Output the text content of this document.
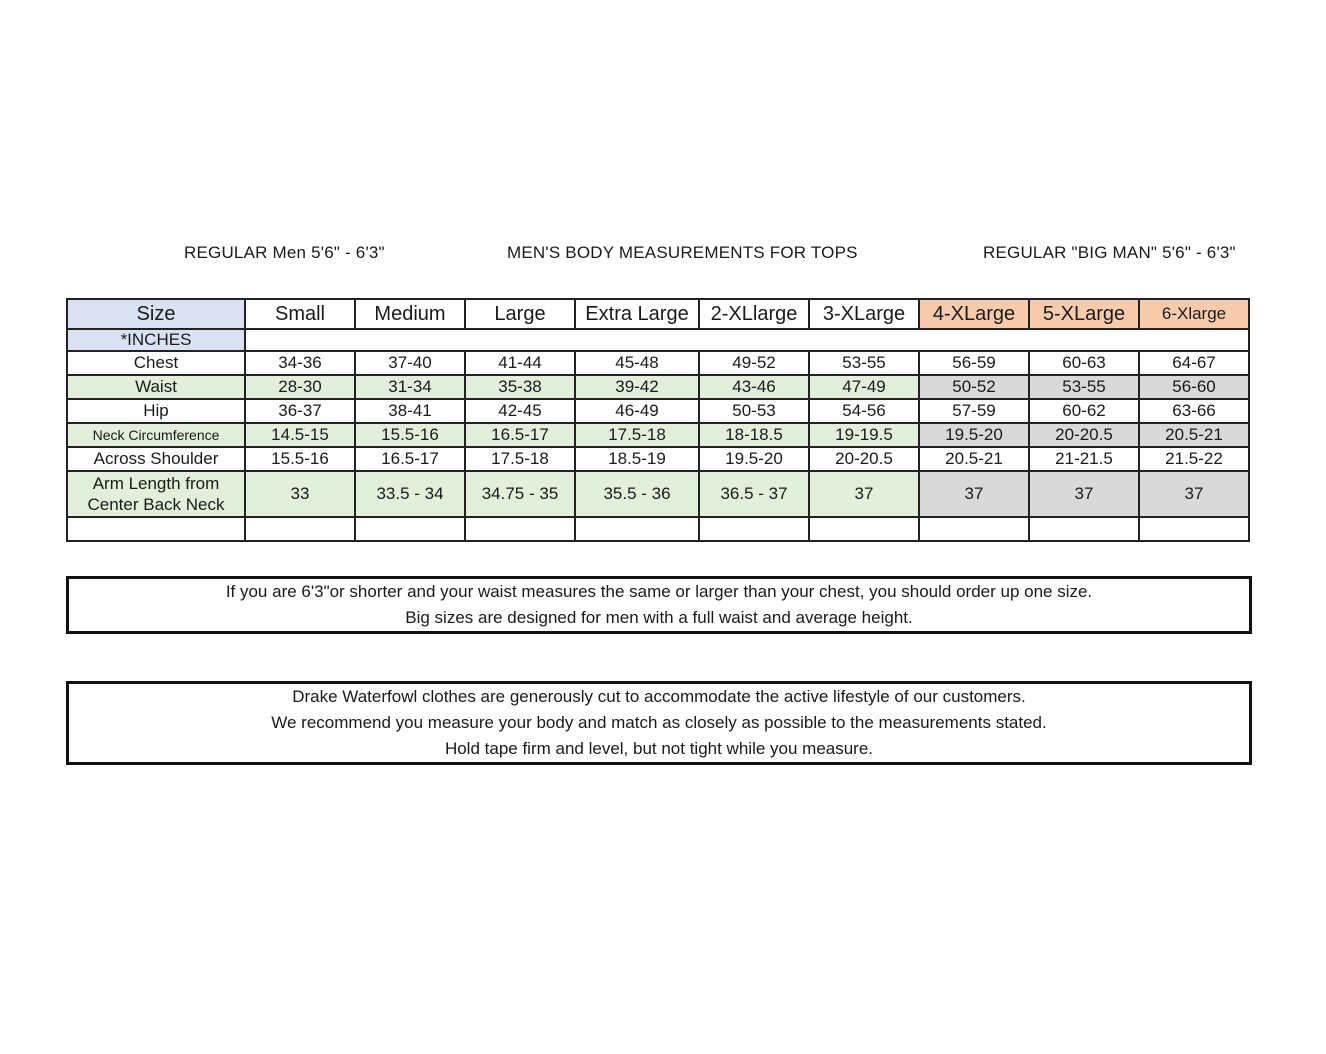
REGULAR Men 5'6" - 6'3"	MEN'S BODY MEASUREMENTS FOR TOPS	REGULAR "BIG MAN" 5'6" - 6'3"
Size	Small	Medium	Large	Extra Large	2-XLlarge	3-XLarge	4-XLarge	5-XLarge	6-Xlarge
*INCHES									
Chest	34-36	37-40	41-44	45-48	49-52	53-55	56-59	60-63	64-67
Waist	28-30	31-34	35-38	39-42	43-46	47-49	50-52	53-55	56-60
Hip	36-37	38-41	42-45	46-49	50-53	54-56	57-59	60-62	63-66
Neck Circumference	14.5-15	15.5-16	16.5-17	17.5-18	18-18.5	19-19.5	19.5-20	20-20.5	20.5-21
Across Shoulder	15.5-16	16.5-17	17.5-18	18.5-19	19.5-20	20-20.5	20.5-21	21-21.5	21.5-22

Arm Length from
Center Back Neck	33	33.5 - 34	34.75 - 35	35.5 - 36	36.5 - 37	37	37	37	37

If you are 6'3"or shorter and your waist measures the same or larger than your chest, you should order up one size.
Big sizes are designed for men with a full waist and average height.
Drake Waterfowl clothes are generously cut to accommodate the active lifestyle of our customers.
We recommend you measure your body and match as closely as possible to the measurements stated.
Hold tape firm and level, but not tight while you measure.
